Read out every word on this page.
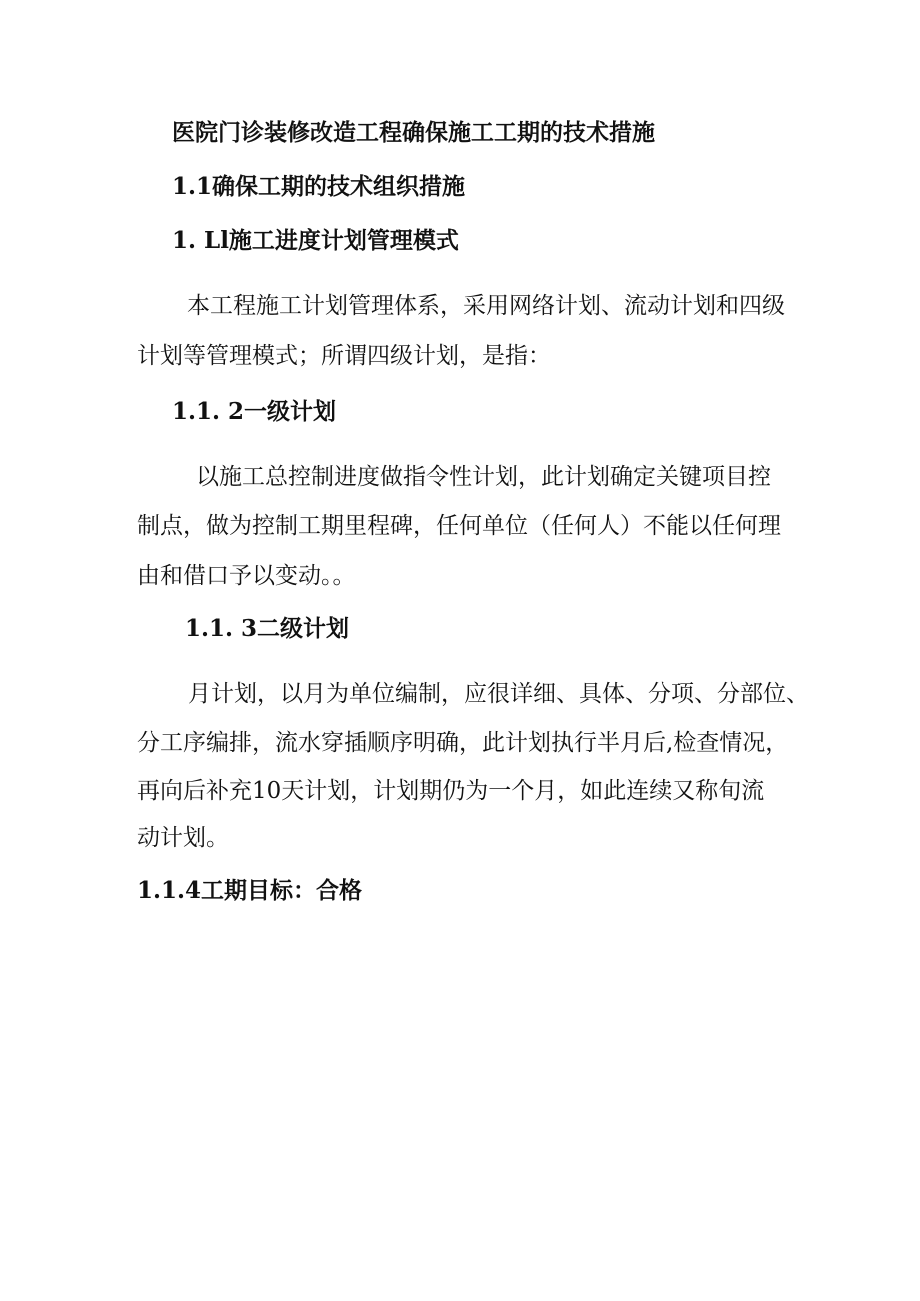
医院门诊装修改造工程确保施工工期的技术措施
1.1确保工期的技术组织措施
1. Ll施工进度计划管理模式
本工程施工计划管理体系，采用网络计划、流动计划和四级
计划等管理模式；所谓四级计划，是指：
1.1. 2一级计划
以施工总控制进度做指令性计划，此计划确定关键项目控
制点，做为控制工期里程碑，任何单位（任何人）不能以任何理
由和借口予以变动。。
1.1. 3二级计划
月计划，以月为单位编制，应很详细、具体、分项、分部位、
分工序编排，流水穿插顺序明确，此计划执行半月后,检查情况，
再向后补充10天计划，计划期仍为一个月，如此连续又称旬流
动计划。
1.1.4工期目标：合格
